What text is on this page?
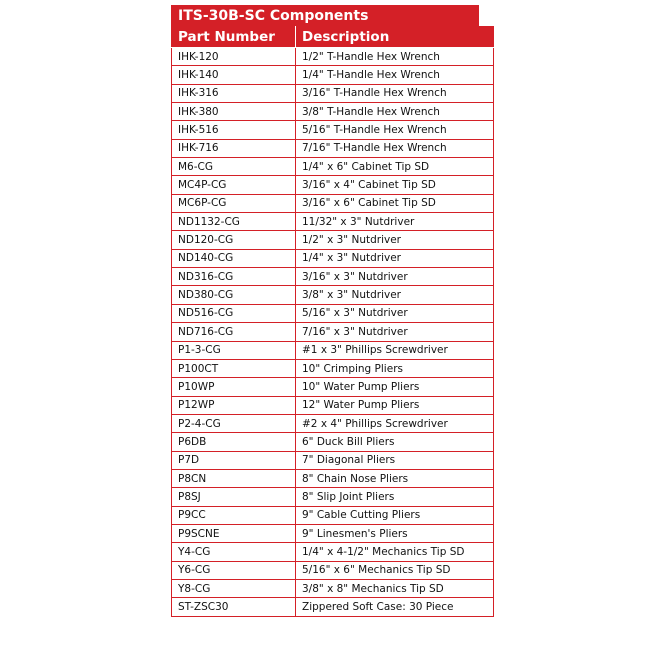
ITS-30B-SC Components
Part Number	Description
IHK-120	1/2" T-Handle Hex Wrench
IHK-140	1/4" T-Handle Hex Wrench
IHK-316	3/16" T-Handle Hex Wrench
IHK-380	3/8" T-Handle Hex Wrench
IHK-516	5/16" T-Handle Hex Wrench
IHK-716	7/16" T-Handle Hex Wrench
M6-CG	1/4" x 6" Cabinet Tip SD
MC4P-CG	3/16" x 4" Cabinet Tip SD
MC6P-CG	3/16" x 6" Cabinet Tip SD
ND1132-CG	11/32" x 3" Nutdriver
ND120-CG	1/2" x 3" Nutdriver
ND140-CG	1/4" x 3" Nutdriver
ND316-CG	3/16" x 3" Nutdriver
ND380-CG	3/8" x 3" Nutdriver
ND516-CG	5/16" x 3" Nutdriver
ND716-CG	7/16" x 3" Nutdriver
P1-3-CG	#1 x 3" Phillips Screwdriver
P100CT	10" Crimping Pliers
P10WP	10" Water Pump Pliers
P12WP	12" Water Pump Pliers
P2-4-CG	#2 x 4" Phillips Screwdriver
P6DB	6" Duck Bill Pliers
P7D	7" Diagonal Pliers
P8CN	8" Chain Nose Pliers
P8SJ	8" Slip Joint Pliers
P9CC	9" Cable Cutting Pliers
P9SCNE	9" Linesmen's Pliers
Y4-CG	1/4" x 4-1/2" Mechanics Tip SD
Y6-CG	5/16" x 6" Mechanics Tip SD
Y8-CG	3/8" x 8" Mechanics Tip SD
ST-ZSC30	Zippered Soft Case: 30 Piece
